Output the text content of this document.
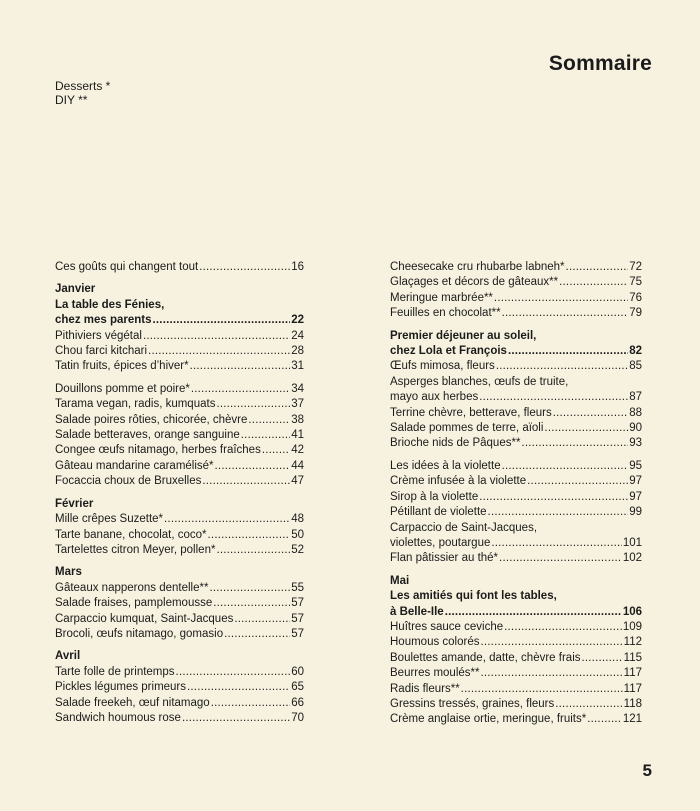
Sommaire
Desserts *
DIY **
Ces goûts qui changent tout .....	16
Janvier
La table des Fénies,
chez mes parents .....	22
Pithiviers végétal .....	24
Chou farci kitchari .....	28
Tatin fruits, épices d’hiver* .....	31
Douillons pomme et poire* .....	34
Tarama vegan, radis, kumquats .....	37
Salade poires rôties, chicorée, chèvre .....	38
Salade betteraves, orange sanguine .....	41
Congee œufs nitamago, herbes fraîches .....	42
Gâteau mandarine caramélisé* .....	44
Focaccia choux de Bruxelles .....	47
Février
Mille crêpes Suzette* .....	48
Tarte banane, chocolat, coco* .....	50
Tartelettes citron Meyer, pollen* .....	52
Mars
Gâteaux napperons dentelle** .....	55
Salade fraises, pamplemousse .....	57
Carpaccio kumquat, Saint-Jacques .....	57
Brocoli, œufs nitamago, gomasio .....	57
Avril
Tarte folle de printemps .....	60
Pickles légumes primeurs .....	65
Salade freekeh, œuf nitamago .....	66
Sandwich houmous rose .....	70
Cheesecake cru rhubarbe labneh* .....	72
Glaçages et décors de gâteaux** .....	75
Meringue marbrée** .....	76
Feuilles en chocolat** .....	79
Premier déjeuner au soleil,
chez Lola et François .....	82
Œufs mimosa, fleurs .....	85
Asperges blanches, œufs de truite,
mayo aux herbes .....	87
Terrine chèvre, betterave, fleurs .....	88
Salade pommes de terre, aïoli .....	90
Brioche nids de Pâques** .....	93
Les idées à la violette .....	95
Crème infusée à la violette .....	97
Sirop à la violette .....	97
Pétillant de violette .....	99
Carpaccio de Saint-Jacques,
violettes, poutargue .....	101
Flan pâtissier au thé* .....	102
Mai
Les amitiés qui font les tables,
à Belle-Ile .....	106
Huîtres sauce ceviche .....	109
Houmous colorés .....	112
Boulettes amande, datte, chèvre frais .....	115
Beurres moulés** .....	117
Radis fleurs** .....	117
Gressins tressés, graines, fleurs .....	118
Crème anglaise ortie, meringue, fruits* .....	121
5
